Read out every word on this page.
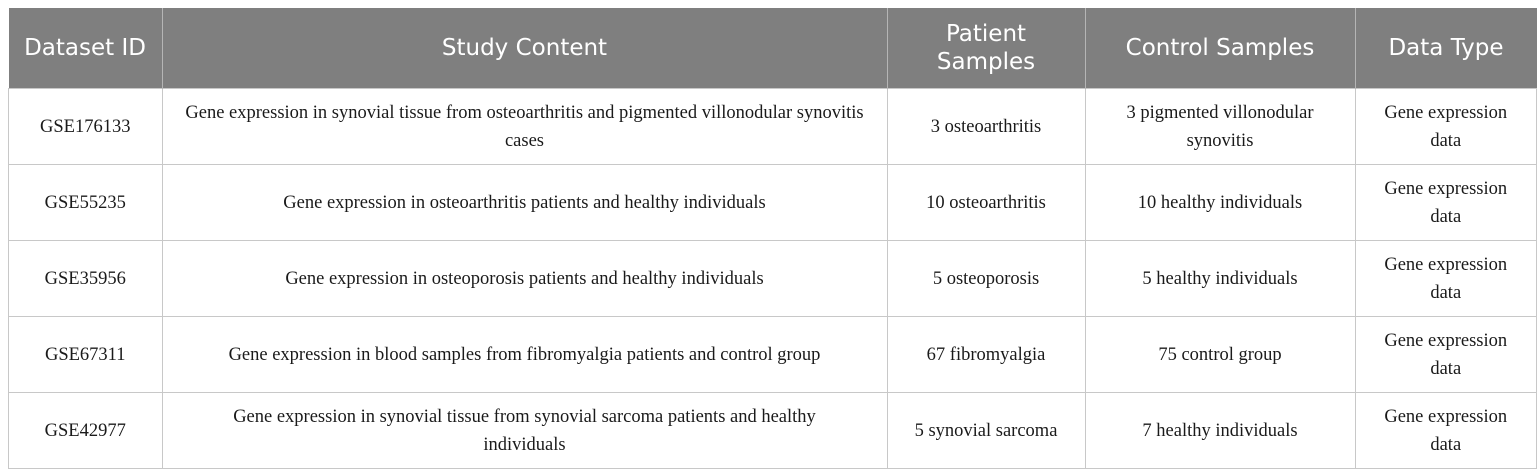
Dataset ID	Study Content	Patient Samples	Control Samples	Data Type
GSE176133	Gene expression in synovial tissue from osteoarthritis and pigmented villonodular synovitis cases	3 osteoarthritis	3 pigmented villonodular synovitis	Gene expression data
GSE55235	Gene expression in osteoarthritis patients and healthy individuals	10 osteoarthritis	10 healthy individuals	Gene expression data
GSE35956	Gene expression in osteoporosis patients and healthy individuals	5 osteoporosis	5 healthy individuals	Gene expression data
GSE67311	Gene expression in blood samples from fibromyalgia patients and control group	67 fibromyalgia	75 control group	Gene expression data
GSE42977	Gene expression in synovial tissue from synovial sarcoma patients and healthy individuals	5 synovial sarcoma	7 healthy individuals	Gene expression data
